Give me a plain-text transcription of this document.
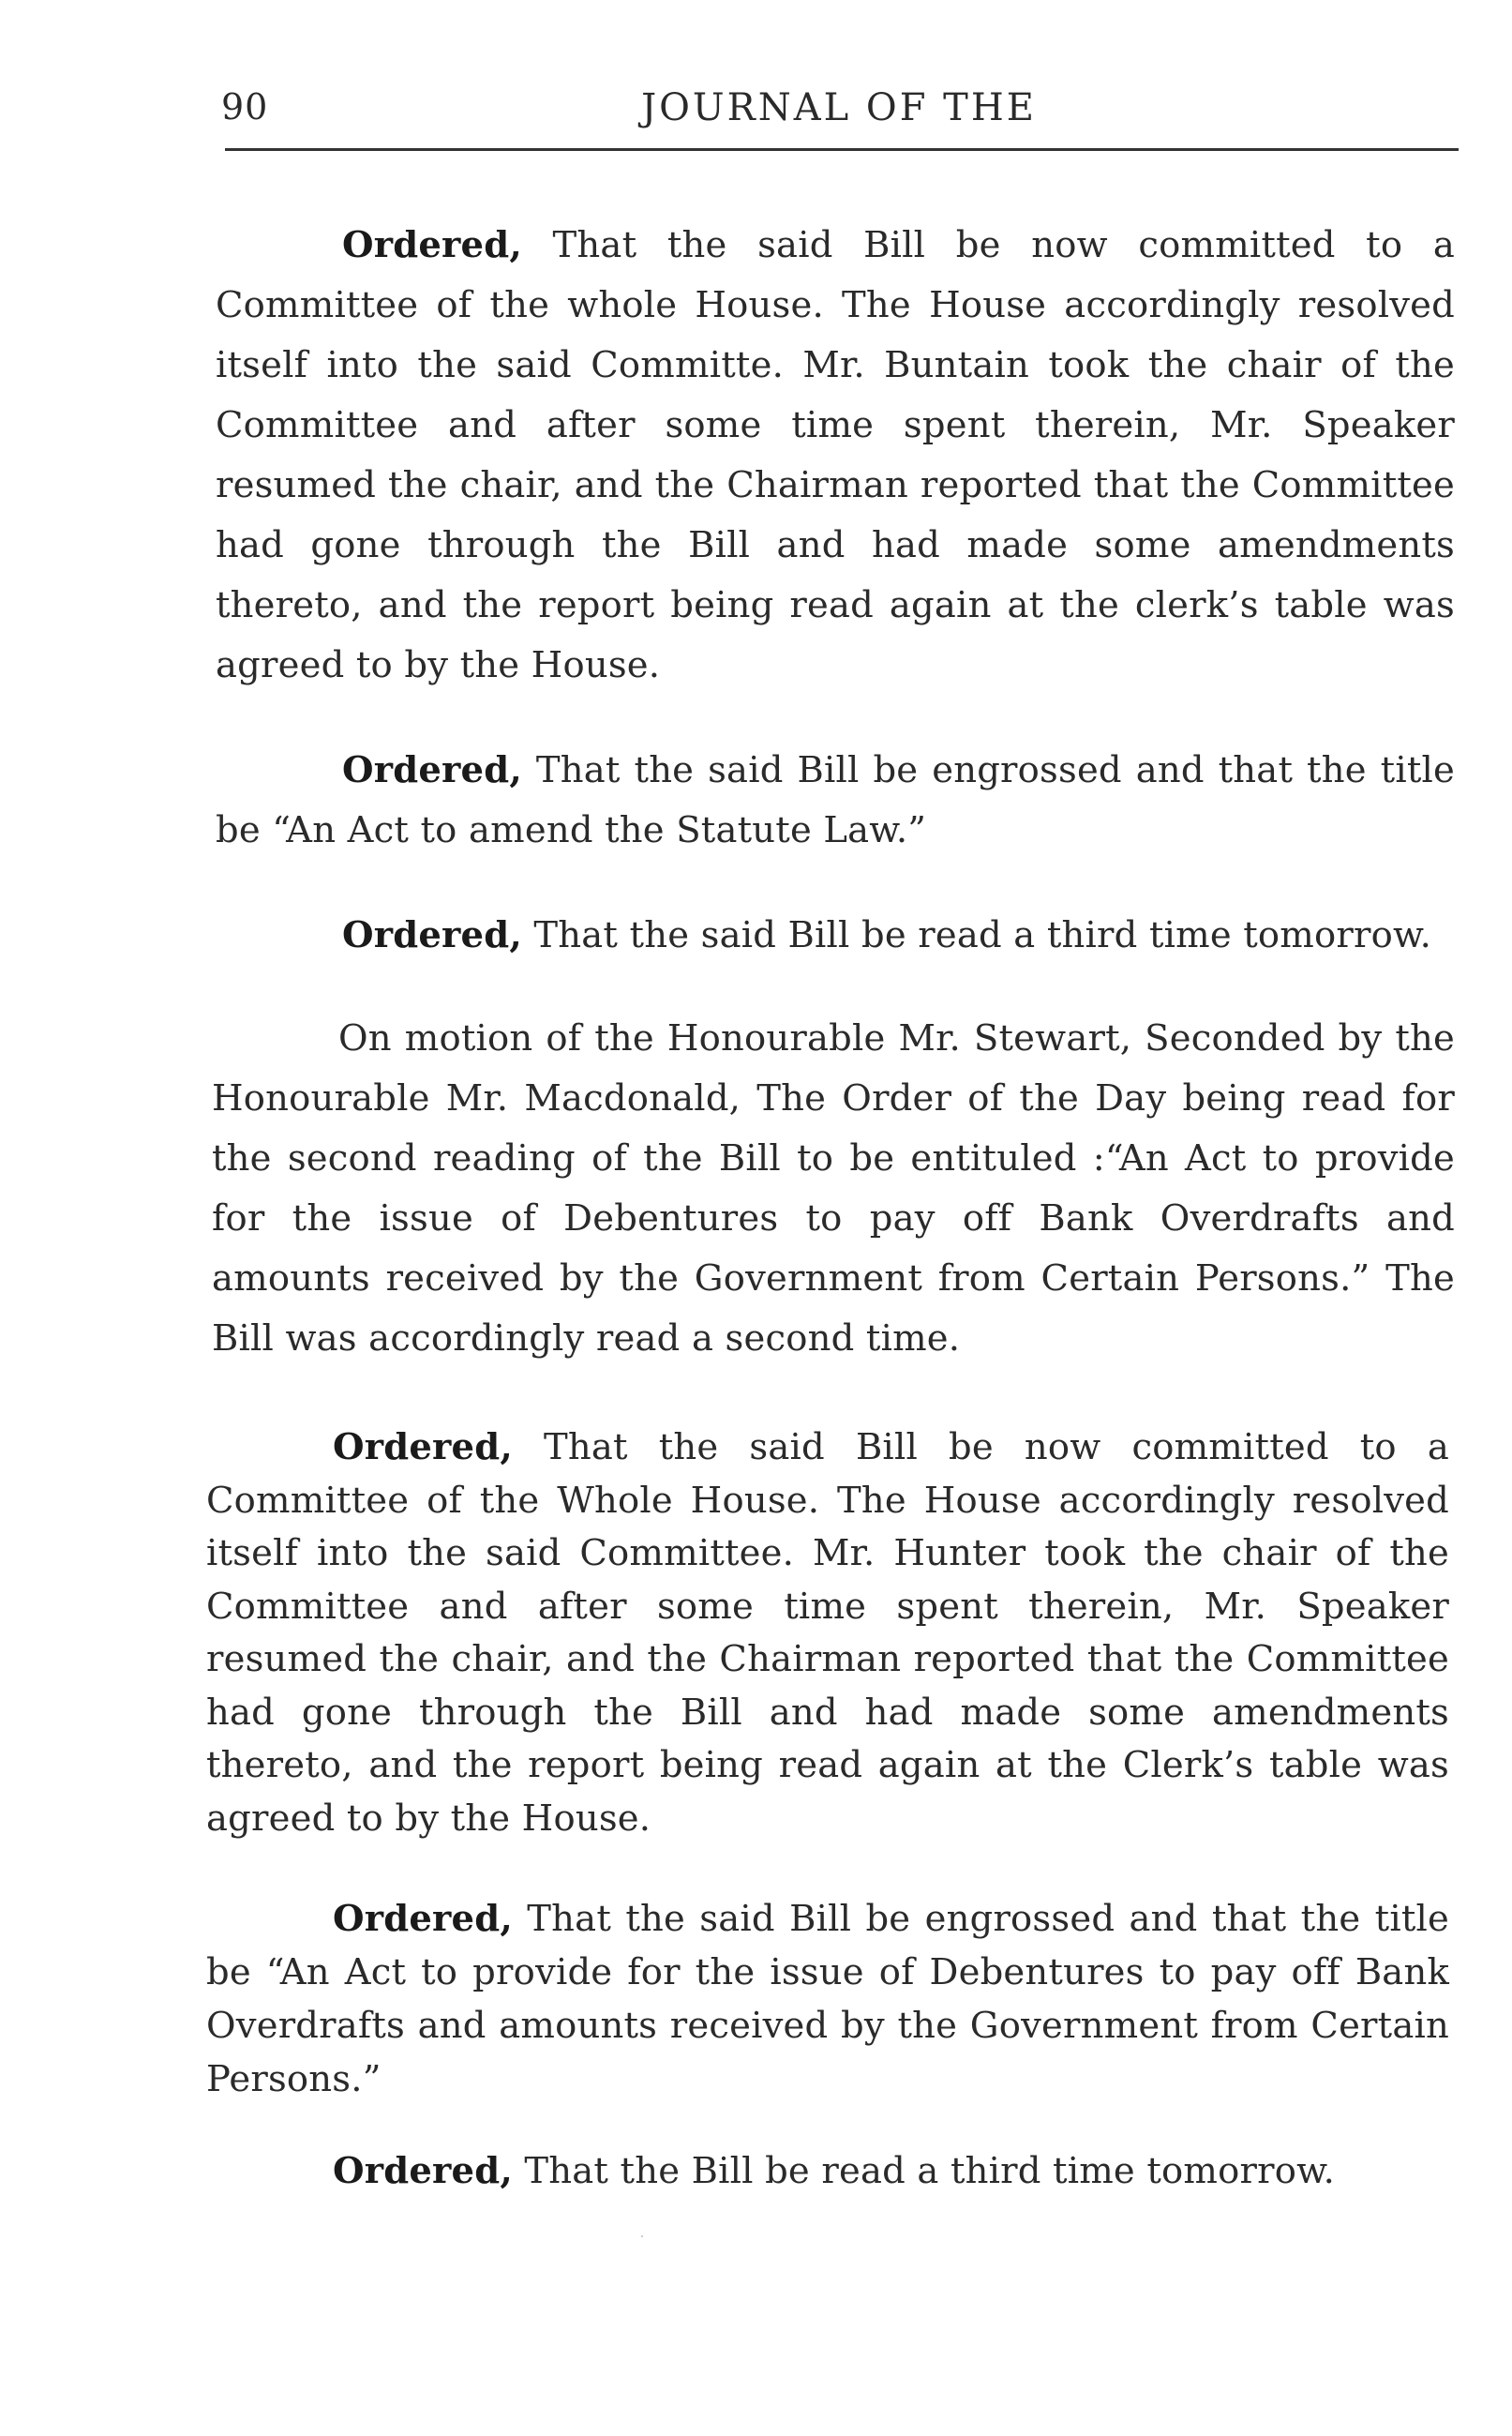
90	JOURNAL OF THE

Ordered, That the said Bill be now committed to a Committee of the whole House. The House accordingly resolved itself into the said Committe. Mr. Buntain took the chair of the Committee and after some time spent therein, Mr. Speaker resumed the chair, and the Chairman reported that the Committee had gone through the Bill and had made some amendments thereto, and the report being read again at the clerk’s table was agreed to by the House.

Ordered, That the said Bill be engrossed and that the title be “An Act to amend the Statute Law.”

Ordered, That the said Bill be read a third time tomorrow.

On motion of the Honourable Mr. Stewart, Seconded by the Honourable Mr. Macdonald, The Order of the Day being read for the second reading of the Bill to be entituled :“An Act to provide for the issue of Debentures to pay off Bank Overdrafts and amounts received by the Government from Certain Persons.” The Bill was accordingly read a second time.

Ordered, That the said Bill be now committed to a Committee of the Whole House. The House accordingly resolved itself into the said Committee. Mr. Hunter took the chair of the Committee and after some time spent therein, Mr. Speaker resumed the chair, and the Chairman reported that the Committee had gone through the Bill and had made some amendments thereto, and the report being read again at the Clerk’s table was agreed to by the House.

Ordered, That the said Bill be engrossed and that the title be “An Act to provide for the issue of Debentures to pay off Bank Overdrafts and amounts received by the Government from Certain Persons.”

Ordered, That the Bill be read a third time tomorrow.
